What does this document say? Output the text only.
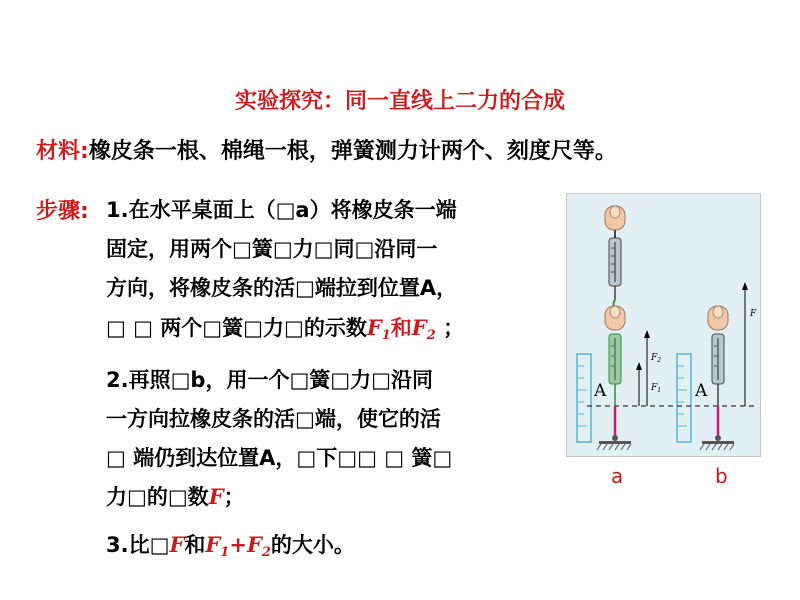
实验探究：同一直线上二力的合成
材料:橡皮条一根、棉绳一根，弹簧测力计两个、刻度尺等。
步骤: 1.在水平桌面上（□a）将橡皮条一端
固定，用两个□簧□力□同□沿同一
方向，将橡皮条的活□端拉到位置A，
□ □ 两个□簧□力□的示数$F_1$和$F_2$ ；
2.再照□b，用一个□簧□力□沿同
一方向拉橡皮条的活□端，使它的活
□ 端仍到达位置A，□下□□ □ 簧□
力□的□数F；
3.比□F和$F_1+F_2$的大小。
A	$F_1$
$F_2$
A
F
a	b
